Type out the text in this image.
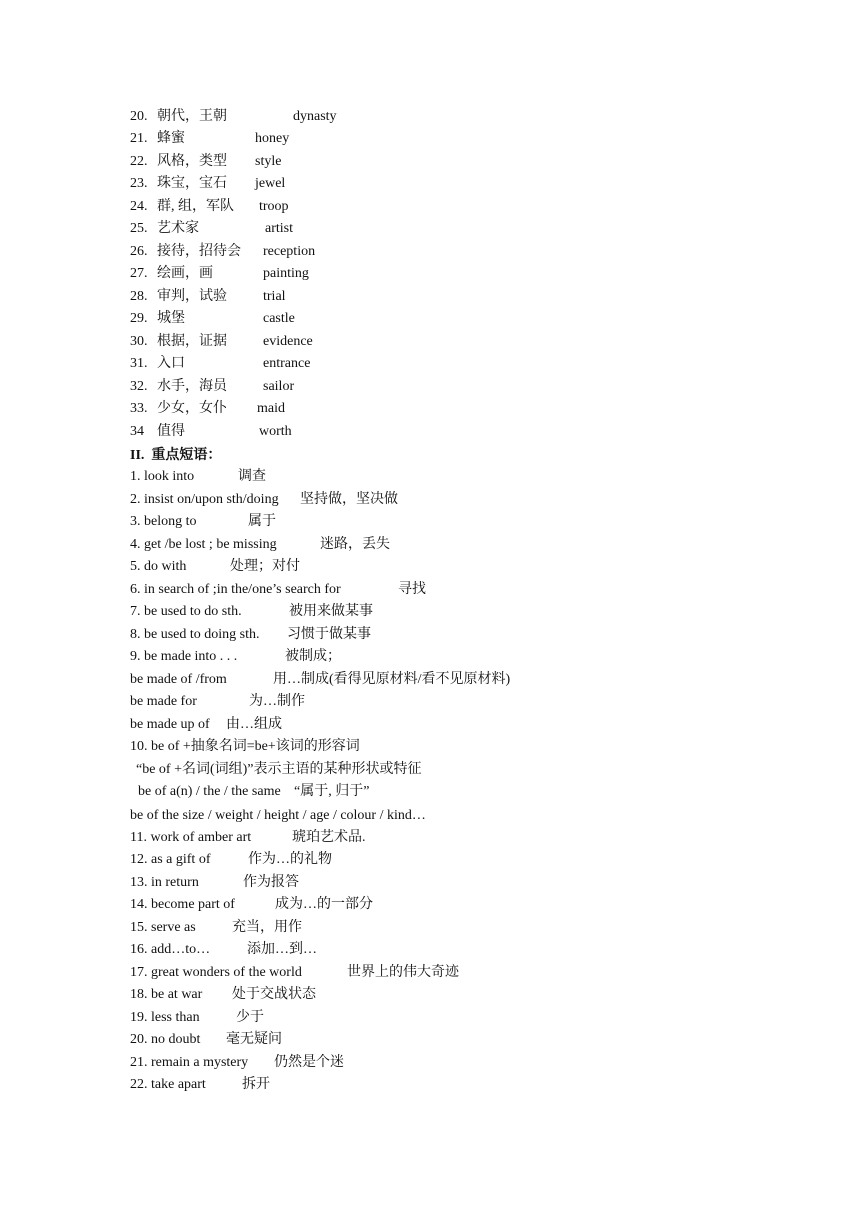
20. 朝代，王朝	dynasty
21. 蜂蜜	honey
22. 风格，类型 style
23. 珠宝，宝石 jewel
24. 群, 组，军队 troop
25. 艺术家	artist
26. 接待，招待会 reception
27. 绘画，画	painting
28. 审判，试验	trial
29. 城堡	castle
30. 根据，证据	evidence
31. 入口	entrance
32. 水手，海员	sailor
33. 少女，女仆 maid
34 值得	worth
II.  重点短语：
1. look into	调查
2. insist on/upon sth/doing 坚持做，坚决做
3. belong to	属于
4. get /be lost ; be missing	迷路，丢失
5. do with	处理；对付
6. in search of ;in the/one’s search for	寻找
7. be used to do sth.	被用来做某事
8. be used to doing sth. 习惯于做某事
9. be made into . . .	被制成；
be made of /from	用…制成(看得见原材料/看不见原材料)
be made for	为…制作
be made up of 由…组成
10. be of +抽象名词=be+该词的形容词
“be of +名词(词组)”表示主语的某种形状或特征
be of a(n) / the / the same “属于, 归于”
be of the size / weight / height / age / colour / kind…
11. work of amber art	琥珀艺术品.
12. as a gift of	作为…的礼物
13. in return	作为报答
14. become part of	成为…的一部分
15. serve as	充当，用作
16. add…to…	添加…到…
17. great wonders of the world	世界上的伟大奇迹
18. be at war 处于交战状态
19. less than	少于
20. no doubt 毫无疑问
21. remain a mystery 仍然是个迷
22. take apart	拆开
